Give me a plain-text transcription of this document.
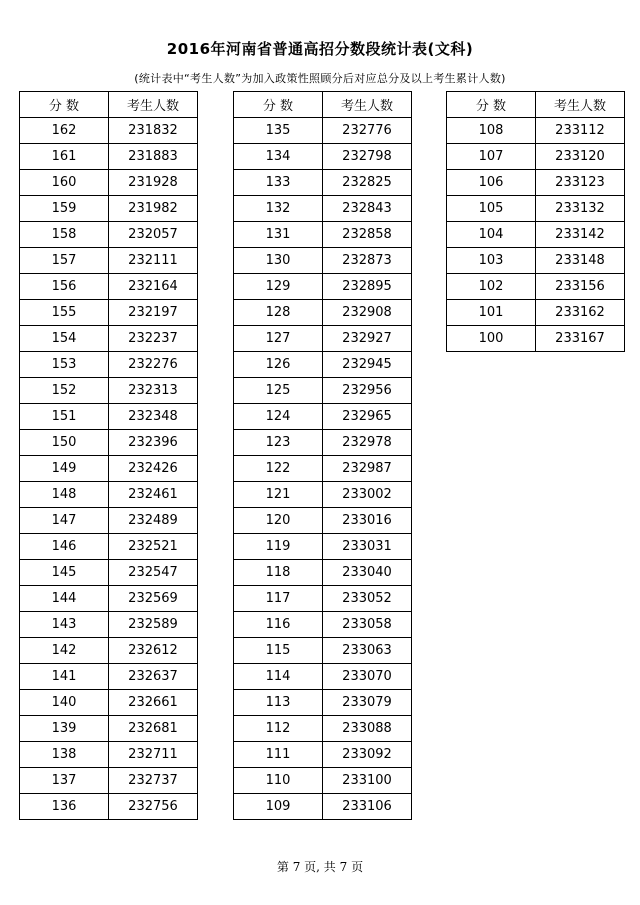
2016年河南省普通高招分数段统计表(文科)
(统计表中“考生人数”为加入政策性照顾分后对应总分及以上考生累计人数)
分 数	考生人数
162	231832
161	231883
160	231928
159	231982
158	232057
157	232111
156	232164
155	232197
154	232237
153	232276
152	232313
151	232348
150	232396
149	232426
148	232461
147	232489
146	232521
145	232547
144	232569
143	232589
142	232612
141	232637
140	232661
139	232681
138	232711
137	232737
136	232756
分 数	考生人数
135	232776
134	232798
133	232825
132	232843
131	232858
130	232873
129	232895
128	232908
127	232927
126	232945
125	232956
124	232965
123	232978
122	232987
121	233002
120	233016
119	233031
118	233040
117	233052
116	233058
115	233063
114	233070
113	233079
112	233088
111	233092
110	233100
109	233106
分 数	考生人数
108	233112
107	233120
106	233123
105	233132
104	233142
103	233148
102	233156
101	233162
100	233167
第 7 页, 共 7 页
